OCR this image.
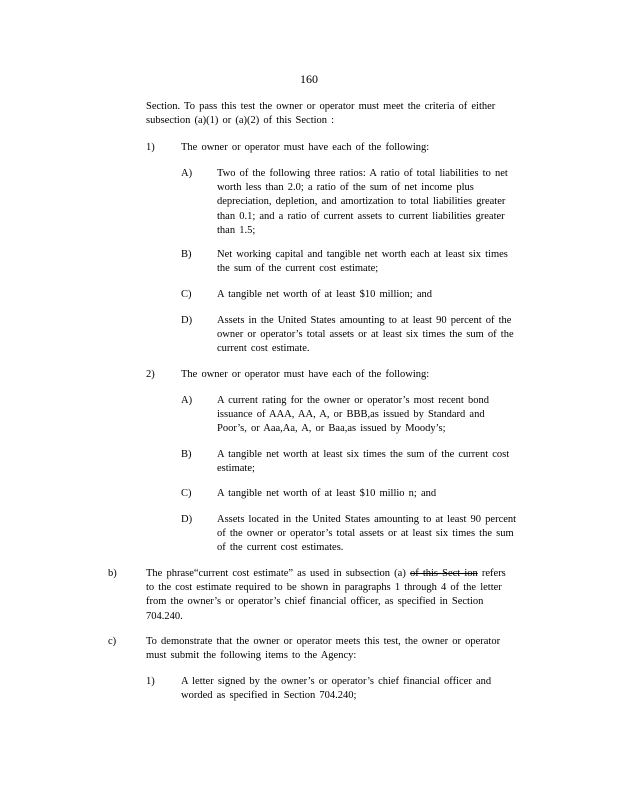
160
Section. To pass this test the owner or operator must meet the criteria of either
subsection (a)(1) or (a)(2) of this Section :
1)	The owner or operator must have each of the following:
A) Two of the following three ratios: A ratio of total liabilities to net
worth less than 2.0; a ratio of the sum of net income plus
depreciation, depletion, and amortization to total liabilities greater
than 0.1; and a ratio of current assets to current liabilities greater
than 1.5;
B) Net working capital and tangible net worth each at least six times
the sum of the current cost estimate;
C) A tangible net worth of at least $10 million; and
D) Assets in the United States amounting to at least 90 percent of the
owner or operator’s total assets or at least six times the sum of the
current cost estimate.
2)	The owner or operator must have each of the following:
A) A current rating for the owner or operator’s most recent bond
issuance of AAA, AA, A, or BBB,as issued by Standard and
Poor’s, or Aaa,Aa, A, or Baa,as issued by Moody’s;
B) A tangible net worth at least six times the sum of the current cost
estimate;
C) A tangible net worth of at least $10 millio n; and
D) Assets located in the United States amounting to at least 90 percent
of the owner or operator’s total assets or at least six times the sum
of the current cost estimates.
b)	The phrase“current cost estimate” as used in subsection (a) of this Sect ion refers
to the cost estimate required to be shown in paragraphs 1 through 4 of the letter
from the owner’s or operator’s chief financial officer, as specified in Section
704.240.
c)	To demonstrate that the owner or operator meets this test, the owner or operator
must submit the following items to the Agency:
1)	A letter signed by the owner’s or operator’s chief financial officer and
worded as specified in Section 704.240;
